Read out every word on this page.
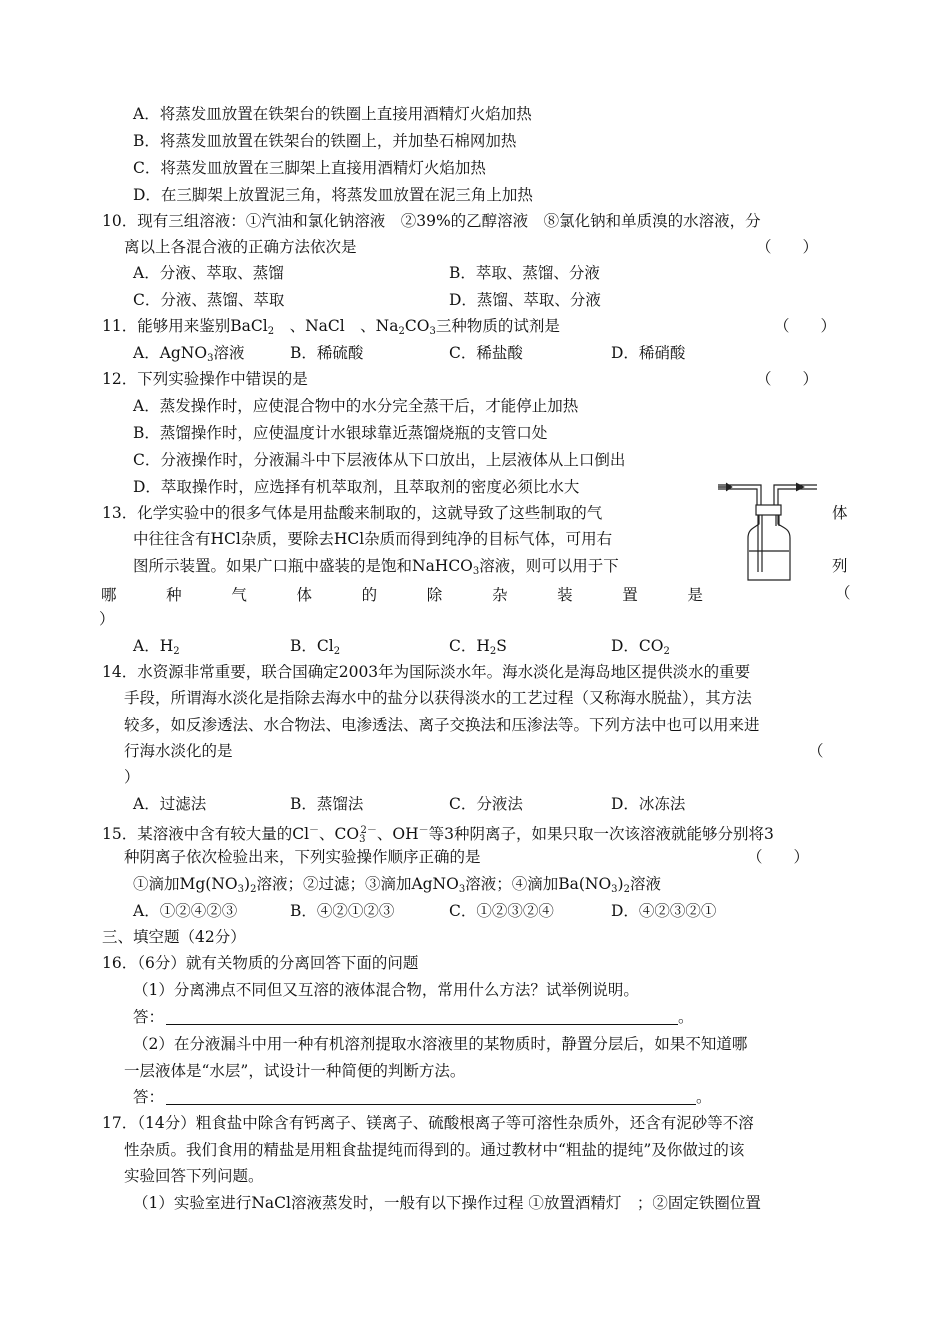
A．将蒸发皿放置在铁架台的铁圈上直接用酒精灯火焰加热
B．将蒸发皿放置在铁架台的铁圈上，并加垫石棉网加热
C．将蒸发皿放置在三脚架上直接用酒精灯火焰加热
D．在三脚架上放置泥三角，将蒸发皿放置在泥三角上加热
10．现有三组溶液：①汽油和氯化钠溶液　②39%的乙醇溶液　⑧氯化钠和单质溴的水溶液，分
离以上各混合液的正确方法依次是	（　　）
A．分液、萃取、蒸馏	B．萃取、蒸馏、分液
C．分液、蒸馏、萃取	D．蒸馏、萃取、分液
11．能够用来鉴别BaCl$_2$　、NaCl　、$Na_2CO_3$三种物质的试剂是	（　　）
A．AgNO$_3$溶液	B．稀硫酸	C．稀盐酸	D．稀硝酸
12．下列实验操作中错误的是	（　　）
A．蒸发操作时，应使混合物中的水分完全蒸干后，才能停止加热
B．蒸馏操作时，应使温度计水银球靠近蒸馏烧瓶的支管口处
C．分液操作时，分液漏斗中下层液体从下口放出，上层液体从上口倒出
D．萃取操作时，应选择有机萃取剂，且萃取剂的密度必须比水大
13．化学实验中的很多气体是用盐酸来制取的，这就导致了这些制取的气	体
中往往含有HCl杂质，要除去HCl杂质而得到纯净的目标气体，可用右
图所示装置。如果广口瓶中盛装的是饱和NaHCO$_3$溶液，则可以用于下	列
哪	种	气	体	的	除	杂	装	置	是	（
）
A．$H_2$	B．$Cl_2$	C．$H_2S$	D．$CO_2$
14．水资源非常重要，联合国确定2003年为国际淡水年。海水淡化是海岛地区提供淡水的重要
手段，所谓海水淡化是指除去海水中的盐分以获得淡水的工艺过程（又称海水脱盐），其方法
较多，如反渗透法、水合物法、电渗透法、离子交换法和压渗法等。下列方法中也可以用来进
行海水淡化的是	（
）
A．过滤法	B．蒸馏法	C．分液法	D．冰冻法
15．某溶液中含有较大量的Cl－、$CO_3^{2-}$、OH－等3种阴离子，如果只取一次该溶液就能够分别将3
种阴离子依次检验出来，下列实验操作顺序正确的是	（　　）
①滴加$Mg(NO_3)_2$溶液；②过滤；③滴加AgNO$_3$溶液；④滴加$Ba(NO_3)_2$溶液
A．①②④②③	B．④②①②③	C．①②③②④	D．④②③②①
三、填空题（42分）
16．（6分）就有关物质的分离回答下面的问题
（1）分离沸点不同但又互溶的液体混合物，常用什么方法？试举例说明。
答：	。
（2）在分液漏斗中用一种有机溶剂提取水溶液里的某物质时，静置分层后，如果不知道哪
一层液体是“水层”，试设计一种简便的判断方法。
答：	。
17．（14分）粗食盐中除含有钙离子、镁离子、硫酸根离子等可溶性杂质外，还含有泥砂等不溶
性杂质。我们食用的精盐是用粗食盐提纯而得到的。通过教材中“粗盐的提纯”及你做过的该
实验回答下列问题。
（1）实验室进行NaCl溶液蒸发时，一般有以下操作过程 ①放置酒精灯　；②固定铁圈位置
